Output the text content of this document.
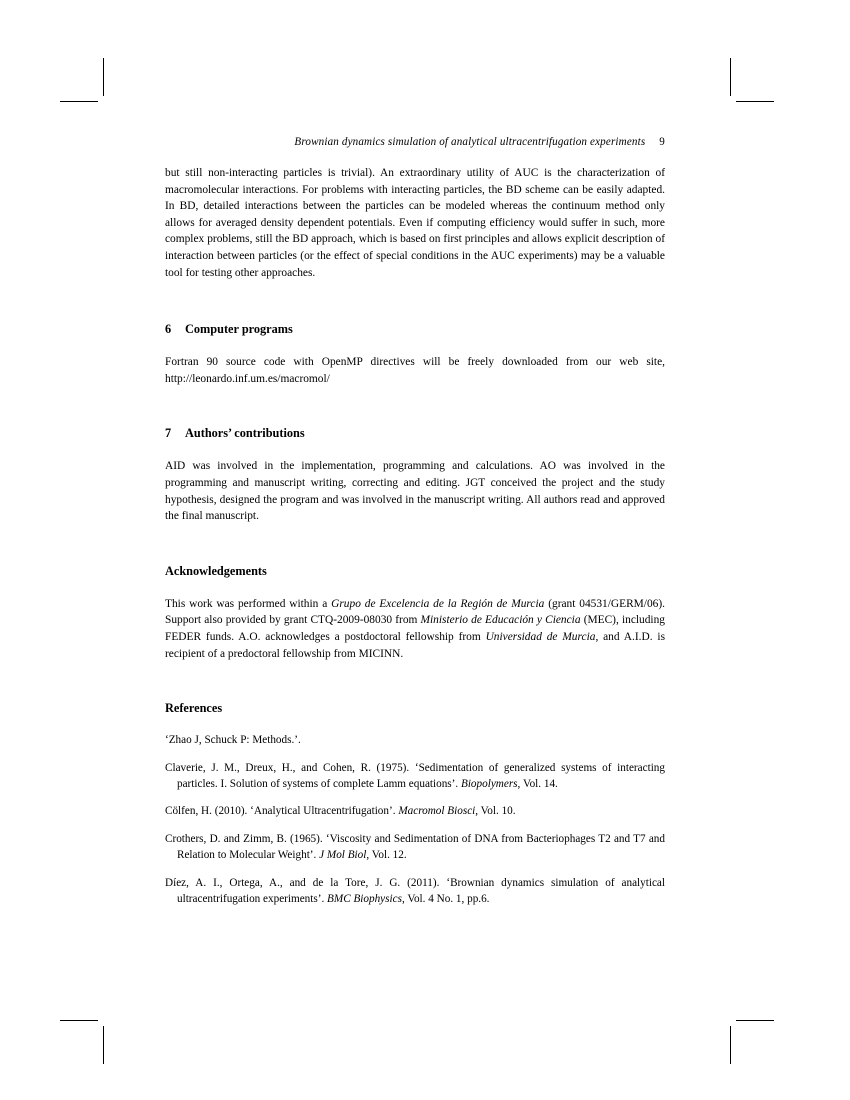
Brownian dynamics simulation of analytical ultracentrifugation experiments 9

but still non-interacting particles is trivial). An extraordinary utility of AUC is the characterization of macromolecular interactions. For problems with interacting particles, the BD scheme can be easily adapted. In BD, detailed interactions between the particles can be modeled whereas the continuum method only allows for averaged density dependent potentials. Even if computing efficiency would suffer in such, more complex problems, still the BD approach, which is based on first principles and allows explicit description of interaction between particles (or the effect of special conditions in the AUC experiments) may be a valuable tool for testing other approaches.

6 Computer programs

Fortran 90 source code with OpenMP directives will be freely downloaded from our web site, http://leonardo.inf.um.es/macromol/

7 Authors’ contributions

AID was involved in the implementation, programming and calculations. AO was involved in the programming and manuscript writing, correcting and editing. JGT conceived the project and the study hypothesis, designed the program and was involved in the manuscript writing. All authors read and approved the final manuscript.

Acknowledgements

This work was performed within a Grupo de Excelencia de la Región de Murcia (grant 04531/GERM/06). Support also provided by grant CTQ-2009-08030 from Ministerio de Educación y Ciencia (MEC), including FEDER funds. A.O. acknowledges a postdoctoral fellowship from Universidad de Murcia, and A.I.D. is recipient of a predoctoral fellowship from MICINN.

References
‘Zhao J, Schuck P: Methods.’.
Claverie, J. M., Dreux, H., and Cohen, R. (1975). ‘Sedimentation of generalized systems of interacting particles. I. Solution of systems of complete Lamm equations’. Biopolymers, Vol. 14.
Cölfen, H. (2010). ‘Analytical Ultracentrifugation’. Macromol Biosci, Vol. 10.
Crothers, D. and Zimm, B. (1965). ‘Viscosity and Sedimentation of DNA from Bacteriophages T2 and T7 and Relation to Molecular Weight’. J Mol Biol, Vol. 12.
Díez, A. I., Ortega, A., and de la Tore, J. G. (2011). ‘Brownian dynamics simulation of analytical ultracentrifugation experiments’. BMC Biophysics, Vol. 4 No. 1, pp.6.
